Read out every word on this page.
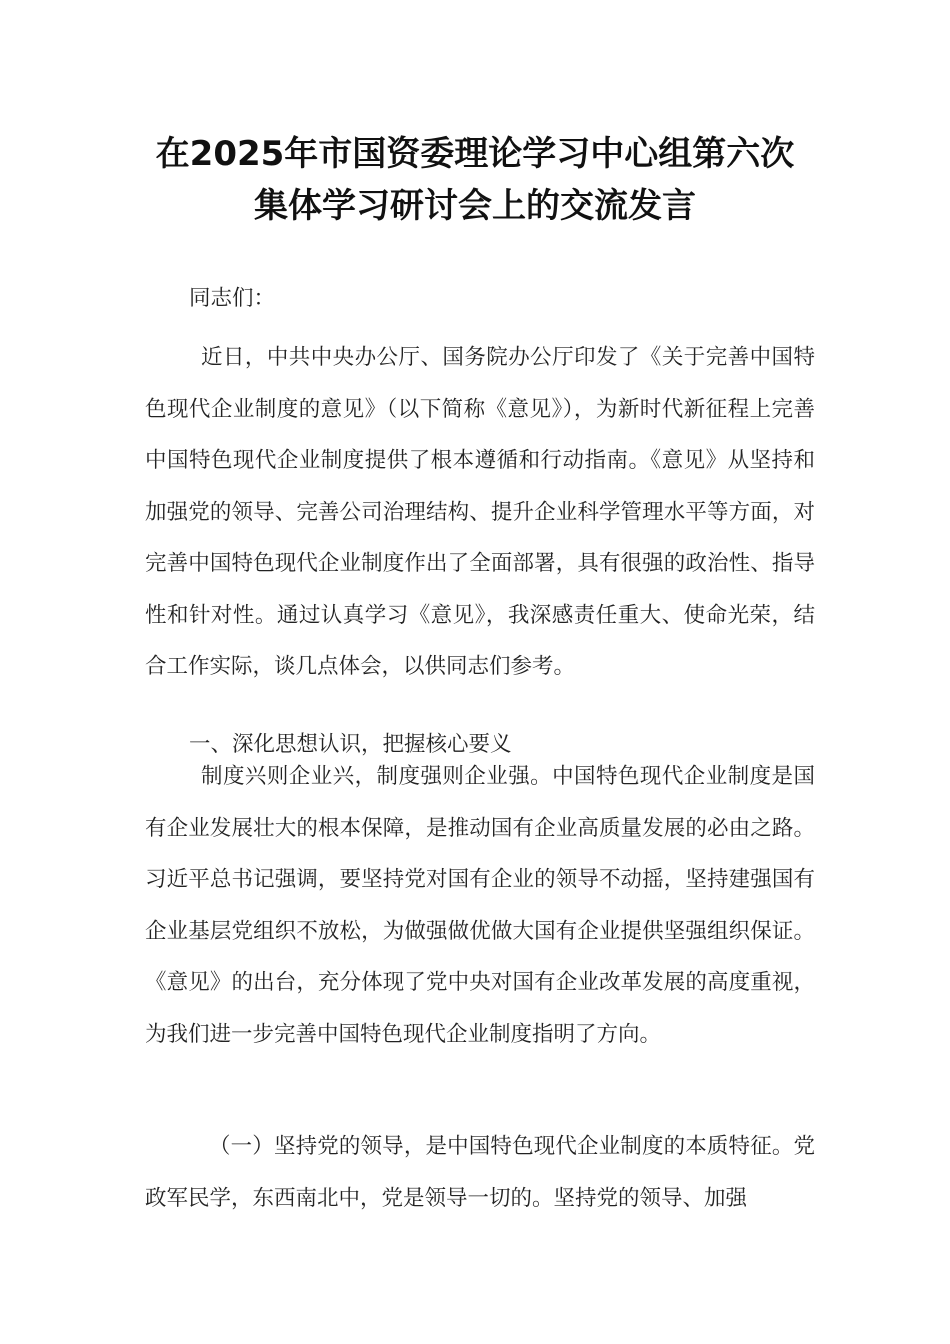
在2025年市国资委理论学习中心组第六次
集体学习研讨会上的交流发言
同志们：
近日，中共中央办公厅、国务院办公厅印发了《关于完善中国特色现代企业制度的意见》（以下简称《意见》），为新时代新征程上完善中国特色现代企业制度提供了根本遵循和行动指南。《意见》从坚持和加强党的领导、完善公司治理结构、提升企业科学管理水平等方面，对完善中国特色现代企业制度作出了全面部署，具有很强的政治性、指导性和针对性。通过认真学习《意见》，我深感责任重大、使命光荣，结合工作实际，谈几点体会，以供同志们参考。
一、深化思想认识，把握核心要义
制度兴则企业兴，制度强则企业强。中国特色现代企业制度是国有企业发展壮大的根本保障，是推动国有企业高质量发展的必由之路。习近平总书记强调，要坚持党对国有企业的领导不动摇，坚持建强国有企业基层党组织不放松，为做强做优做大国有企业提供坚强组织保证。《意见》的出台，充分体现了党中央对国有企业改革发展的高度重视，为我们进一步完善中国特色现代企业制度指明了方向。
（一）坚持党的领导，是中国特色现代企业制度的本质特征。党政军民学，东西南北中，党是领导一切的。坚持党的领导、加强
